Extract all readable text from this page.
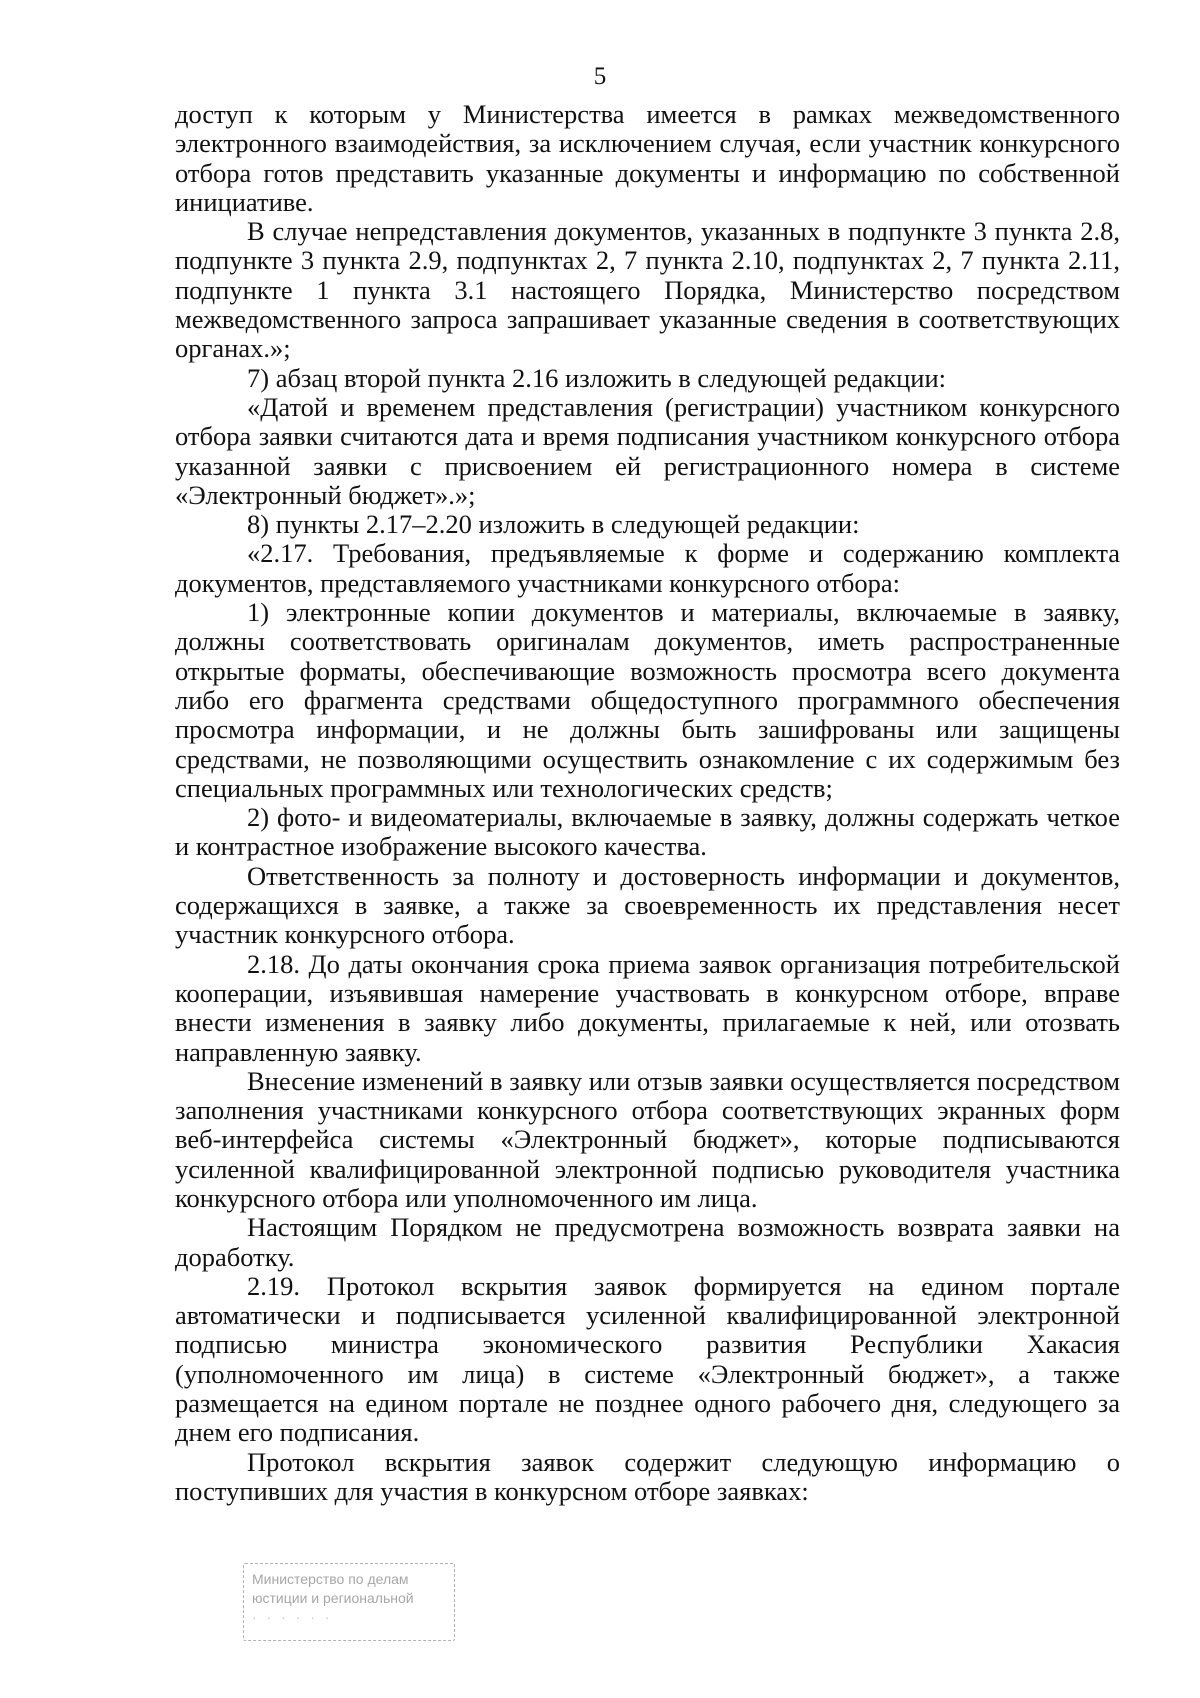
5

доступ к которым у Министерства имеется в рамках межведомственного электронного взаимодействия, за исключением случая, если участник конкурсного отбора готов представить указанные документы и информацию по собственной инициативе.

В случае непредставления документов, указанных в подпункте 3 пункта 2.8, подпункте 3 пункта 2.9, подпунктах 2, 7 пункта 2.10, подпунктах 2, 7 пункта 2.11, подпункте 1 пункта 3.1 настоящего Порядка, Министерство посредством межведомственного запроса запрашивает указанные сведения в соответствующих органах.»;

7) абзац второй пункта 2.16 изложить в следующей редакции:

«Датой и временем представления (регистрации) участником конкурсного отбора заявки считаются дата и время подписания участником конкурсного отбора указанной заявки с присвоением ей регистрационного номера в системе «Электронный бюджет».»;

8) пункты 2.17–2.20 изложить в следующей редакции:

«2.17. Требования, предъявляемые к форме и содержанию комплекта документов, представляемого участниками конкурсного отбора:

1) электронные копии документов и материалы, включаемые в заявку, должны соответствовать оригиналам документов, иметь распространенные открытые форматы, обеспечивающие возможность просмотра всего документа либо его фрагмента средствами общедоступного программного обеспечения просмотра информации, и не должны быть зашифрованы или защищены средствами, не позволяющими осуществить ознакомление с их содержимым без специальных программных или технологических средств;

2) фото- и видеоматериалы, включаемые в заявку, должны содержать четкое и контрастное изображение высокого качества.

Ответственность за полноту и достоверность информации и документов, содержащихся в заявке, а также за своевременность их представления несет участник конкурсного отбора.

2.18. До даты окончания срока приема заявок организация потребительской кооперации, изъявившая намерение участвовать в конкурсном отборе, вправе внести изменения в заявку либо документы, прилагаемые к ней, или отозвать направленную заявку.

Внесение изменений в заявку или отзыв заявки осуществляется посредством заполнения участниками конкурсного отбора соответствующих экранных форм веб-интерфейса системы «Электронный бюджет», которые подписываются усиленной квалифицированной электронной подписью руководителя участника конкурсного отбора или уполномоченного им лица.

Настоящим Порядком не предусмотрена возможность возврата заявки на доработку.

2.19. Протокол вскрытия заявок формируется на едином портале автоматически и подписывается усиленной квалифицированной электронной подписью министра экономического развития Республики Хакасия (уполномоченного им лица) в системе «Электронный бюджет», а также размещается на едином портале не позднее одного рабочего дня, следующего за днем его подписания.

Протокол вскрытия заявок содержит следующую информацию о поступивших для участия в конкурсном отборе заявках:

Министерство по делам
юстиции и региональной
· · · · · ·
